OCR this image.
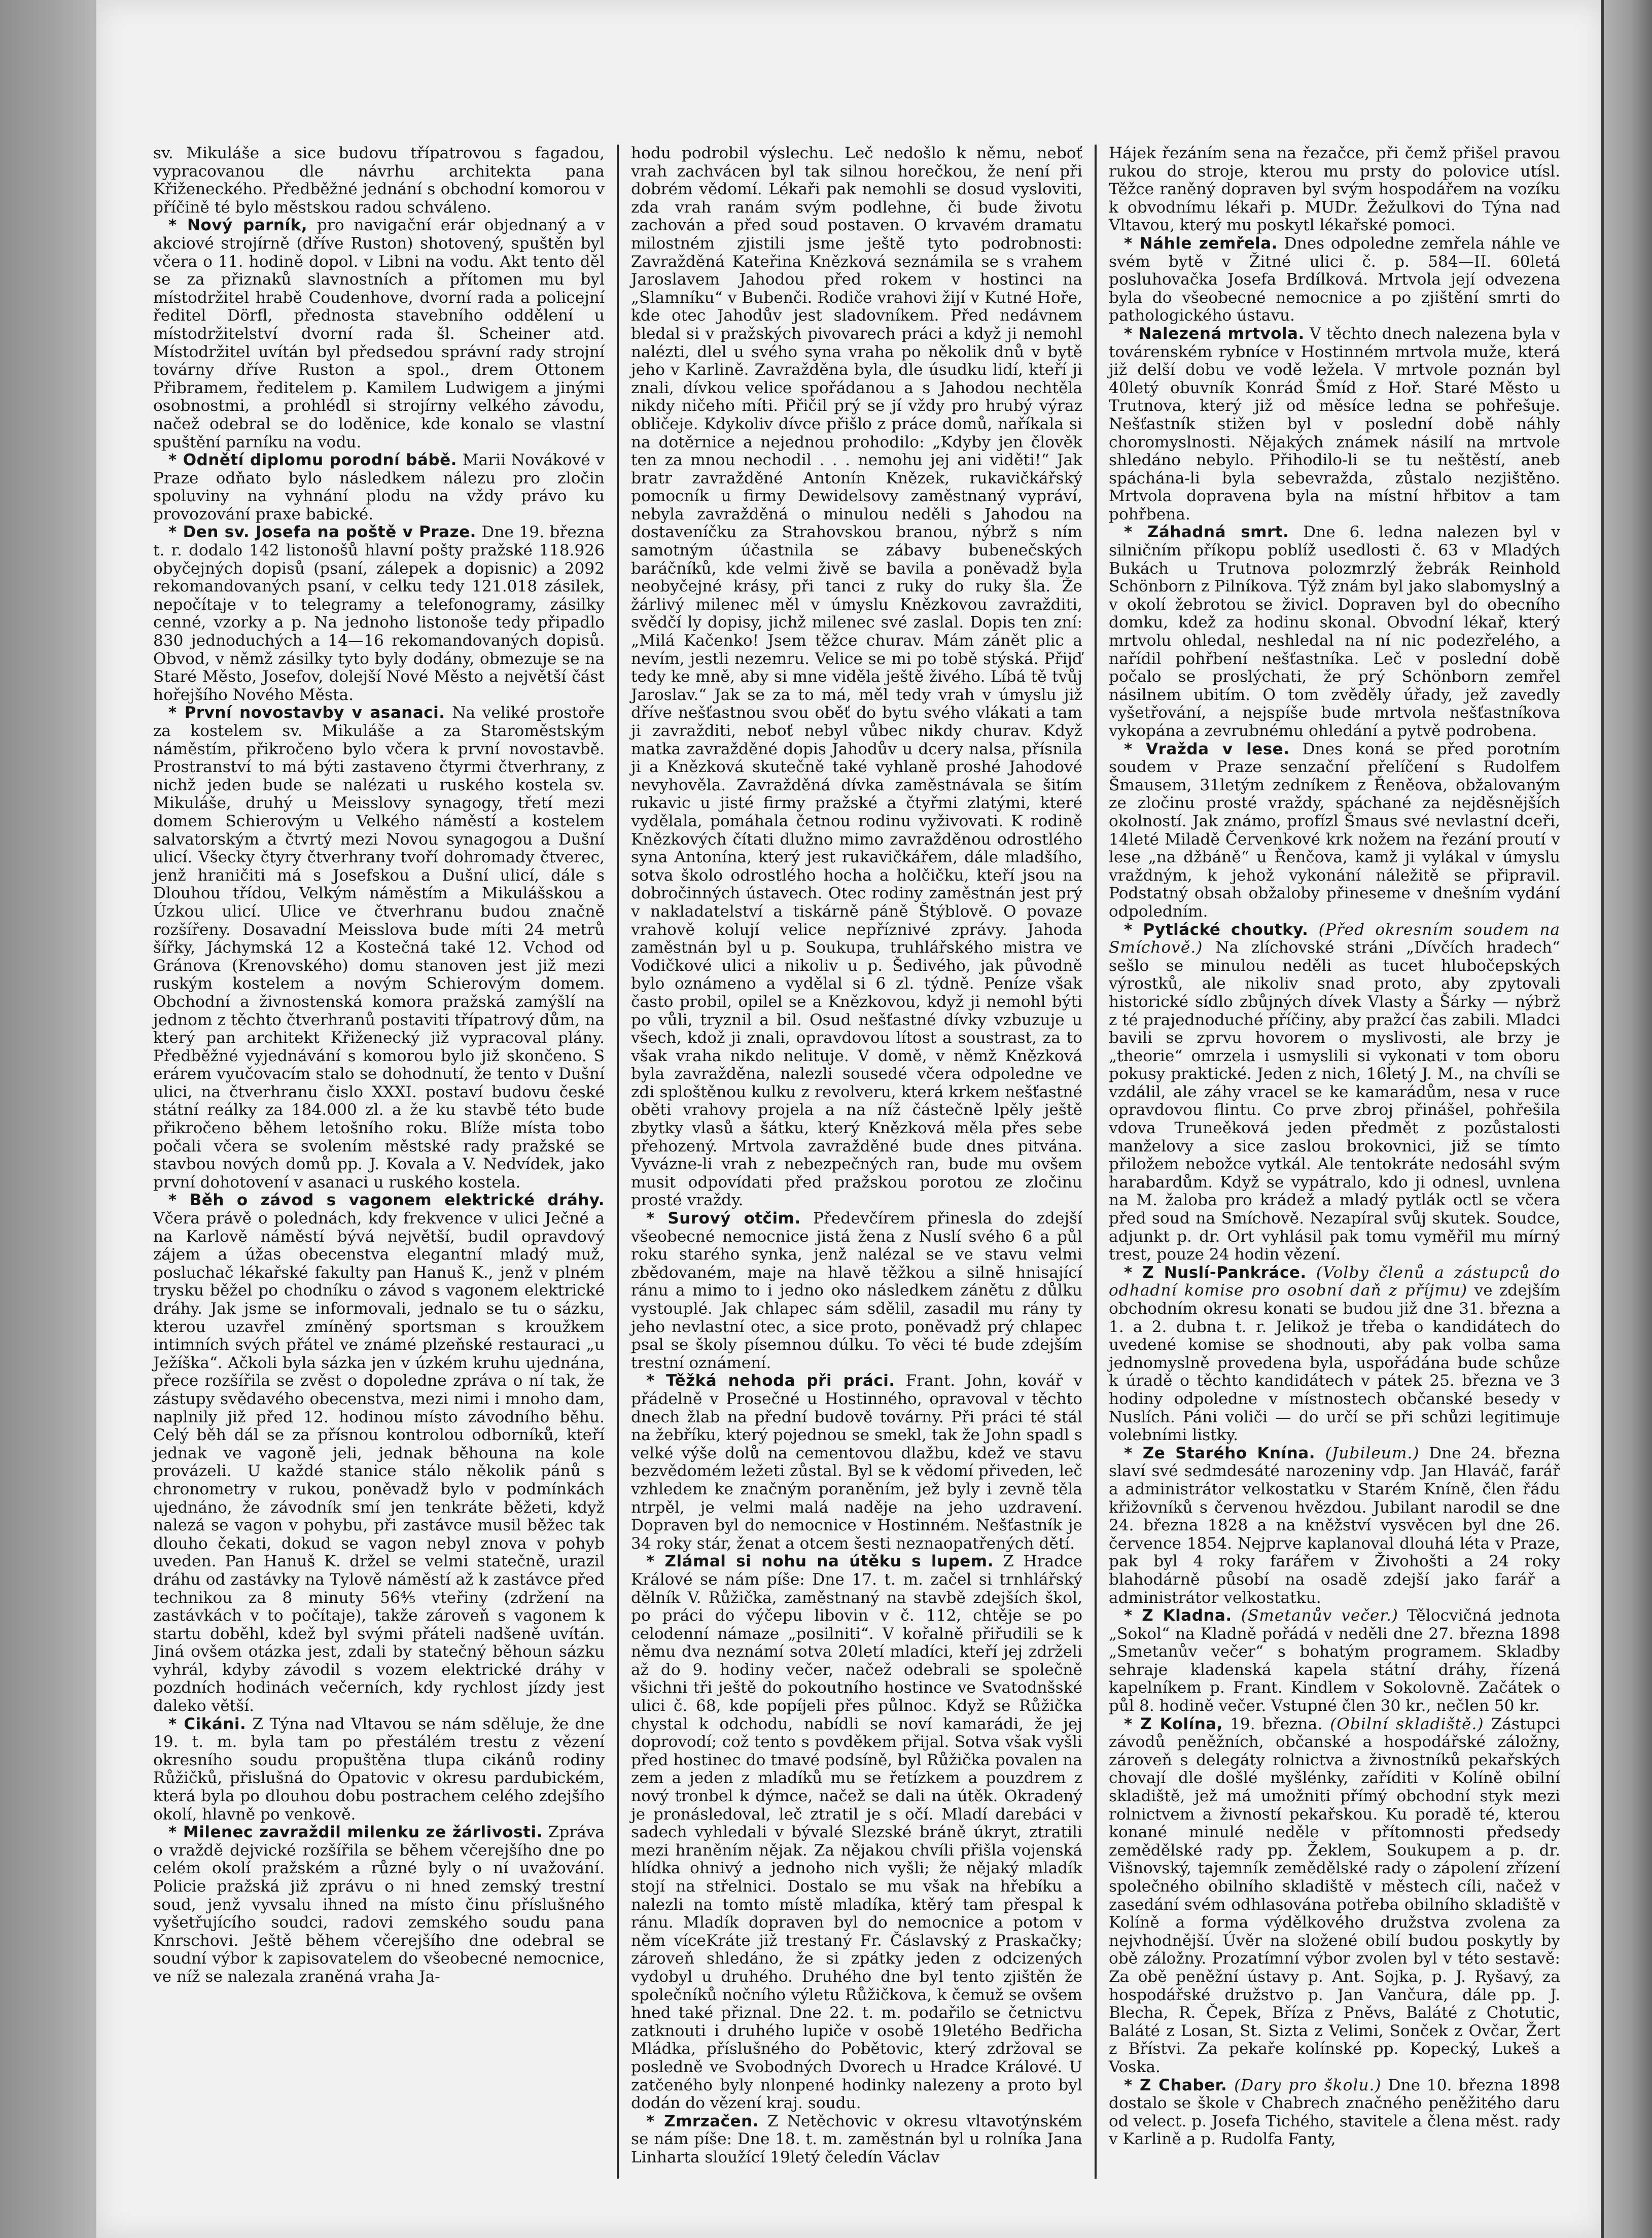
sv. Mikuláše a sice budovu třípatrovou s fagadou, vypracovanou dle návrhu architekta pana Křiženeckého. Předběžné jednání s obchodní komorou v příčině té bylo městskou radou schváleno.

* Nový parník, pro navigační erár objednaný a v akciové strojírně (dříve Ruston) shotovený, spuštěn byl včera o 11. hodině dopol. v Libni na vodu. Akt tento děl se za přiznaků slavnostních a přítomen mu byl místodržitel hrabě Coudenhove, dvorní rada a policejní ředitel Dörfl, přednosta stavebního oddělení u místodržitelství dvorní rada šl. Scheiner atd. Místodržitel uvítán byl předsedou správní rady strojní továrny dříve Ruston a spol., drem Ottonem Přibramem, ředitelem p. Kamilem Ludwigem a jinými osobnostmi, a prohlédl si strojírny velkého závodu, načež odebral se do loděnice, kde konalo se vlastní spuštění parníku na vodu.

* Odnětí diplomu porodní bábě. Marii Novákové v Praze odňato bylo následkem nálezu pro zločin spoluviny na vyhnání plodu na vždy právo ku provozování praxe babické.

* Den sv. Josefa na poště v Praze. Dne 19. března t. r. dodalo 142 listonošů hlavní pošty pražské 118.926 obyčejných dopisů (psaní, zálepek a dopisnic) a 2092 rekomandovaných psaní, v celku tedy 121.018 zásilek, nepočítaje v to telegramy a telefonogramy, zásilky cenné, vzorky a p. Na jednoho listonoše tedy připadlo 830 jednoduchých a 14—16 rekomandovaných dopisů. Obvod, v němž zásilky tyto byly dodány, obmezuje se na Staré Město, Josefov, dolejší Nové Město a největší část hořejšího Nového Města.

* První novostavby v asanaci. Na veliké prostoře za kostelem sv. Mikuláše a za Staroměstským náměstím, přikročeno bylo včera k první novostavbě. Prostranství to má býti zastaveno čtyrmi čtverhrany, z nichž jeden bude se nalézati u ruského kostela sv. Mikuláše, druhý u Meisslovy synagogy, třetí mezi domem Schierovým u Velkého náměstí a kostelem salvatorským a čtvrtý mezi Novou synagogou a Dušní ulicí. Všecky čtyry čtverhrany tvoří dohromady čtverec, jenž hraničiti má s Josefskou a Dušní ulicí, dále s Dlouhou třídou, Velkým náměstím a Mikulášskou a Úzkou ulicí. Ulice ve čtverhranu budou značně rozšířeny. Dosavadní Meisslova bude míti 24 metrů šířky, Jáchymská 12 a Kostečná také 12. Vchod od Gránova (Krenovského) domu stanoven jest již mezi ruským kostelem a novým Schierovým domem. Obchodní a živnostenská komora pražská zamýšlí na jednom z těchto čtverhranů postaviti třípatrový dům, na který pan architekt Křiženecký již vypracoval plány. Předběžné vyjednávání s komorou bylo již skončeno. S erárem vyučovacím stalo se dohodnutí, že tento v Dušní ulici, na čtverhranu čislo XXXI. postaví budovu české státní reálky za 184.000 zl. a že ku stavbě této bude přikročeno během letošního roku. Blíže místa tobo počali včera se svolením městské rady pražské se stavbou nových domů pp. J. Kovala a V. Nedvídek, jako první dohotovení v asanaci u ruského kostela.

* Běh o závod s vagonem elektrické dráhy. Včera právě o polednách, kdy frekvence v ulici Ječné a na Karlově náměstí bývá největší, budil opravdový zájem a úžas obecenstva elegantní mladý muž, posluchač lékařské fakulty pan Hanuš K., jenž v plném trysku běžel po chodníku o závod s vagonem elektrické dráhy. Jak jsme se informovali, jednalo se tu o sázku, kterou uzavřel zmíněný sportsman s kroužkem intimních svých přátel ve známé plzeňské restauraci „u Ježíška“. Ačkoli byla sázka jen v úzkém kruhu ujednána, přece rozšířila se zvěst o dopoledne zpráva o ní tak, že zástupy svědavého obecenstva, mezi nimi i mnoho dam, naplnily již před 12. hodinou místo závodního běhu. Celý běh dál se za přísnou kontrolou odborníků, kteří jednak ve vagoně jeli, jednak běhouna na kole provázeli. U každé stanice stálo několik pánů s chronometry v rukou, poněvadž bylo v podmínkách ujednáno, že závodník smí jen tenkráte běžeti, když nalezá se vagon v pohybu, při zastávce musil běžec tak dlouho čekati, dokud se vagon nebyl znova v pohyb uveden. Pan Hanuš K. držel se velmi statečně, urazil dráhu od zastávky na Tylově náměstí až k zastávce před technikou za 8 minuty 56⁴⁄₅ vteřiny (zdržení na zastávkách v to počítaje), takže zároveň s vagonem k startu doběhl, kdež byl svými přáteli nadšeně uvítán. Jiná ovšem otázka jest, zdali by statečný běhoun sázku vyhrál, kdyby závodil s vozem elektrické dráhy v pozdních hodinách večerních, kdy rychlost jízdy jest daleko větší.

* Cikáni. Z Týna nad Vltavou se nám sděluje, že dne 19. t. m. byla tam po přestálém trestu z vězení okresního soudu propuštěna tlupa cikánů rodiny Růžičků, přislušná do Opatovic v okresu pardubickém, která byla po dlouhou dobu postrachem celého zdejšího okolí, hlavně po venkově.

* Milenec zavraždil milenku ze žárlivosti. Zpráva o vraždě dejvické rozšířila se během včerejšího dne po celém okolí pražském a různé byly o ní uvažování. Policie pražská již zprávu o ni hned zemský trestní soud, jenž vyvsalu ihned na místo činu příslušného vyšetřujícího soudci, radovi zemského soudu pana Knrschovi. Ještě během včerejšího dne odebral se soudní výbor k zapisovatelem do všeobecné nemocnice, ve níž se nalezala zraněná vraha Ja-

hodu podrobil výslechu. Leč nedošlo k němu, neboť vrah zachvácen byl tak silnou horečkou, že není při dobrém vědomí. Lékaři pak nemohli se dosud vysloviti, zda vrah ranám svým podlehne, či bude životu zachován a před soud postaven. O krvavém dramatu milostném zjistili jsme ještě tyto podrobnosti: Zavražděná Kateřina Knězková seznámila se s vrahem Jaroslavem Jahodou před rokem v hostinci na „Slamníku“ v Bubenči. Rodiče vrahovi žijí v Kutné Hoře, kde otec Jahodův jest sladovníkem. Před nedávnem bledal si v pražských pivovarech práci a když ji nemohl nalézti, dlel u svého syna vraha po několik dnů v bytě jeho v Karlině. Zavražděna byla, dle úsudku lidí, kteří ji znali, dívkou velice spořádanou a s Jahodou nechtěla nikdy ničeho míti. Přičil prý se jí vždy pro hrubý výraz obličeje. Kdykoliv dívce přišlo z práce domů, naříkala si na dotěrnice a nejednou prohodilo: „Kdyby jen člověk ten za mnou nechodil . . . nemohu jej ani viděti!“ Jak bratr zavražděné Antonín Knězek, rukavičkářský pomocník u firmy Dewidelsovy zaměstnaný vypráví, nebyla zavražděná o minulou neděli s Jahodou na dostaveníčku za Strahovskou branou, nýbrž s ním samotným účastnila se zábavy bubenečských baráčníků, kde velmi živě se bavila a poněvadž byla neobyčejné krásy, při tanci z ruky do ruky šla. Že žárlivý milenec měl v úmyslu Knězkovou zavražditi, svědčí ly dopisy, jichž milenec své zaslal. Dopis ten zní: „Milá Kačenko! Jsem těžce churav. Mám zánět plic a nevím, jestli nezemru. Velice se mi po tobě stýská. Přijď tedy ke mně, aby si mne viděla ještě živého. Líbá tě tvůj Jaroslav.“ Jak se za to má, měl tedy vrah v úmyslu již dříve nešťastnou svou oběť do bytu svého vlákati a tam ji zavražditi, neboť nebyl vůbec nikdy churav. Když matka zavražděné dopis Jahodův u dcery nalsa, přísnila ji a Knězková skutečně také vyhlaně proshé Jahodové nevyhověla. Zavražděná dívka zaměstnávala se šitím rukavic u jisté firmy pražské a čtyřmi zlatými, které vydělala, pomáhala četnou rodinu vyživovati. K rodině Knězkových čítati dlužno mimo zavražděnou odrostlého syna Antonína, který jest rukavičkářem, dále mladšího, sotva školo odrostlého hocha a holčičku, kteří jsou na dobročinných ústavech. Otec rodiny zaměstnán jest prý v nakladatelství a tiskárně páně Štýblově. O povaze vrahově kolují velice nepříznivé zprávy. Jahoda zaměstnán byl u p. Soukupa, truhlářského mistra ve Vodičkové ulici a nikoliv u p. Šedivého, jak původně bylo oznámeno a vydělal si 6 zl. týdně. Peníze však často probil, opilel se a Knězkovou, když ji nemohl býti po vůli, tryznil a bil. Osud nešťastné dívky vzbuzuje u všech, kdož ji znali, opravdovou lítost a soustrast, za to však vraha nikdo nelituje. V domě, v němž Knězková byla zavražděna, nalezli sousedé včera odpoledne ve zdi sploštěnou kulku z revolveru, která krkem nešťastné oběti vrahovy projela a na níž částečně lpěly ještě zbytky vlasů a šátku, který Knězková měla přes sebe přehozený. Mrtvola zavražděné bude dnes pitvána. Vyvázne-li vrah z nebezpečných ran, bude mu ovšem musit odpovídati před pražskou porotou ze zločinu prosté vraždy.

* Surový otčim. Předevčírem přinesla do zdejší všeobecné nemocnice jistá žena z Nuslí svého 6 a půl roku starého synka, jenž nalézal se ve stavu velmi zbědovaném, maje na hlavě těžkou a silně hnisající ránu a mimo to i jedno oko následkem zánětu z důlku vystouplé. Jak chlapec sám sdělil, zasadil mu rány ty jeho nevlastní otec, a sice proto, poněvadž prý chlapec psal se školy písemnou dúlku. To věci té bude zdejším trestní oznámení.

* Těžká nehoda při práci. Frant. John, kovář v přádelně v Prosečné u Hostinného, opravoval v těchto dnech žlab na přední budově továrny. Při práci té stál na žebříku, který pojednou se smekl, tak že John spadl s velké výše dolů na cementovou dlažbu, kdež ve stavu bezvědomém ležeti zůstal. Byl se k vědomí přiveden, leč vzhledem ke značným poraněním, jež byly i zevně těla ntrpěl, je velmi malá naděje na jeho uzdravení. Dopraven byl do nemocnice v Hostinném. Nešťastník je 34 roky stár, ženat a otcem šesti neznaopatřených dětí.

* Zlámal si nohu na útěku s lupem. Z Hradce Králové se nám píše: Dne 17. t. m. začel si trnhlářský dělník V. Růžička, zaměstnaný na stavbě zdejších škol, po práci do výčepu libovin v č. 112, chtěje se po celodenní námaze „posilniti“. V kořalně přiřudili se k němu dva neznámí sotva 20letí mladíci, kteří jej zdrželi až do 9. hodiny večer, načež odebrali se společně všichni tři ještě do pokoutního hostince ve Svatodnšské ulici č. 68, kde popíjeli přes půlnoc. Když se Růžička chystal k odchodu, nabídli se noví kamarádi, že jej doprovodí; což tento s povděkem přijal. Sotva však vyšli před hostinec do tmavé podsíně, byl Růžička povalen na zem a jeden z mladíků mu se řetízkem a pouzdrem z nový tronbel k dýmce, načež se dali na útěk. Okradený je pronásledoval, leč ztratil je s očí. Mladí darebáci v sadech vyhledali v bývalé Slezské bráně úkryt, ztratili mezi hraněním nějak. Za nějakou chvíli přišla vojenská hlídka ohnivý a jednoho nich vyšli; že nějaký mladík stojí na střelnici. Dostalo se mu však na hřebíku a nalezli na tomto místě mladíka, ktěrý tam přespal k ránu. Mladík dopraven byl do nemocnice a potom v něm víceKráte již trestaný Fr. Čáslavský z Praskačky; zároveň shledáno, že si zpátky jeden z odcizených vydobyl u druhého. Druhého dne byl tento zjištěn že společníků nočního výletu Růžičkova, k čemuž se ovšem hned také přiznal. Dne 22. t. m. podařilo se četnictvu zatknouti i druhého lupiče v osobě 19letého Bedřicha Mládka, příslušného do Pobětovic, který zdržoval se posledně ve Svobodných Dvorech u Hradce Králové. U zatčeného byly nlonpené hodinky nalezeny a proto byl dodán do vězení kraj. soudu.

* Zmrzačen. Z Netěchovic v okresu vltavotýnském se nám píše: Dne 18. t. m. zaměstnán byl u rolníka Jana Linharta sloužící 19letý čeledín Václav

Hájek řezáním sena na řezačce, při čemž přišel pravou rukou do stroje, kterou mu prsty do polovice utísl. Těžce raněný dopraven byl svým hospodářem na vozíku k obvodnímu lékaři p. MUDr. Žežulkovi do Týna nad Vltavou, který mu poskytl lékařské pomoci.

* Náhle zemřela. Dnes odpoledne zemřela náhle ve svém bytě v Žitné ulici č. p. 584—II. 60letá posluhovačka Josefa Brdílková. Mrtvola její odvezena byla do všeobecné nemocnice a po zjištění smrti do pathologického ústavu.

* Nalezená mrtvola. V těchto dnech nalezena byla v továrenském rybníce v Hostinném mrtvola muže, která již delší dobu ve vodě ležela. V mrtvole poznán byl 40letý obuvník Konrád Šmíd z Hoř. Staré Město u Trutnova, který již od měsíce ledna se pohřešuje. Nešťastník stižen byl v poslední době náhly choromyslnosti. Nějakých známek násilí na mrtvole shledáno nebylo. Přihodilo-li se tu neštěstí, aneb spáchána-li byla sebevražda, zůstalo nezjištěno. Mrtvola dopravena byla na místní hřbitov a tam pohřbena.

* Záhadná smrt. Dne 6. ledna nalezen byl v silničním příkopu poblíž usedlosti č. 63 v Mladých Bukách u Trutnova polozmrzlý žebrák Reinhold Schönborn z Pilníkova. Týž znám byl jako slabomyslný a v okolí žebrotou se živicl. Dopraven byl do obecního domku, kdež za hodinu skonal. Obvodní lékař, který mrtvolu ohledal, neshledal na ní nic podezřelého, a nařídil pohřbení nešťastníka. Leč v poslední době počalo se proslýchati, že prý Schönborn zemřel násilnem ubitím. O tom zvěděly úřady, jež zavedly vyšetřování, a nejspíše bude mrtvola nešťastníkova vykopána a zevrubnému ohledání a pytvě podrobena.

* Vražda v lese. Dnes koná se před porotním soudem v Praze senzační přelíčení s Rudolfem Šmausem, 31letým zedníkem z Řeněova, obžalovaným ze zločinu prosté vraždy, spáchané za nejděsnějších okolností. Jak známo, profízl Šmaus své nevlastní dceři, 14leté Miladě Červenkové krk nožem na řezání proutí v lese „na džbáně“ u Řenčova, kamž ji vylákal v úmyslu vraždným, k jehož vykonání náležitě se připravil. Podstatný obsah obžaloby přineseme v dnešním vydání odpoledním.

* Pytlácké choutky. (Před okresním soudem na Smíchově.) Na zlíchovské stráni „Dívčích hradech“ sešlo se minulou neděli as tucet hlubočepských výrostků, ale nikoliv snad proto, aby zpytovali historické sídlo zbůjných dívek Vlasty a Šárky — nýbrž z té prajednoduché příčiny, aby pražcí čas zabili. Mladci bavili se zprvu hovorem o myslivosti, ale brzy je „theorie“ omrzela i usmyslili si vykonati v tom oboru pokusy praktické. Jeden z nich, 16letý J. M., na chvíli se vzdálil, ale záhy vracel se ke kamarádům, nesa v ruce opravdovou flintu. Co prve zbroj přinášel, pohřešila vdova Truneěková jeden předmět z pozůstalosti manželovy a sice zaslou brokovnici, již se tímto přiložem nebožce vytkál. Ale tentokráte nedosáhl svým harabardům. Když se vypátralo, kdo ji odnesl, uvnlena na M. žaloba pro krádež a mladý pytlák octl se včera před soud na Smíchově. Nezapíral svůj skutek. Soudce, adjunkt p. dr. Ort vyhlásil pak tomu vyměřil mu mírný trest, pouze 24 hodin vězení.

* Z Nuslí-Pankráce. (Volby členů a zástupců do odhadní komise pro osobní daň z příjmu) ve zdejším obchodním okresu konati se budou již dne 31. března a 1. a 2. dubna t. r. Jelikož je třeba o kandidátech do uvedené komise se shodnouti, aby pak volba sama jednomyslně provedena byla, uspořádána bude schůze k úradě o těchto kandidátech v pátek 25. března ve 3 hodiny odpoledne v místnostech občanské besedy v Nuslích. Páni voliči — do určí se při schůzi legitimuje volebními listky.

* Ze Starého Knína. (Jubileum.) Dne 24. března slaví své sedmdesáté narozeniny vdp. Jan Hlaváč, farář a administrátor velkostatku v Starém Kníně, člen řádu křižovníků s červenou hvězdou. Jubilant narodil se dne 24. března 1828 a na kněžství vysvěcen byl dne 26. července 1854. Nejprve kaplanoval dlouhá léta v Praze, pak byl 4 roky farářem v Živohošti a 24 roky blahodárně působí na osadě zdejší jako farář a administrátor velkostatku.

* Z Kladna. (Smetanův večer.) Tělocvičná jednota „Sokol“ na Kladně pořádá v neděli dne 27. března 1898 „Smetanův večer“ s bohatým programem. Skladby sehraje kladenská kapela státní dráhy, řízená kapelníkem p. Frant. Kindlem v Sokolovně. Začátek o půl 8. hodině večer. Vstupné člen 30 kr., nečlen 50 kr.

* Z Kolína, 19. března. (Obilní skladiště.) Zástupci závodů peněžních, občanské a hospodářské záložny, zároveň s delegáty rolnictva a živnostníků pekařských chovají dle došlé myšlénky, zaříditi v Kolíně obilní skladiště, jež má umožniti přímý obchodní styk mezi rolnictvem a živností pekařskou. Ku poradě té, kterou konané minulé neděle v přítomnosti předsedy zemědělské rady pp. Žeklem, Soukupem a p. dr. Višnovský, tajemník zemědělské rady o zápolení zřízení společného obilního skladiště v městech cíli, načež v zasedání svém odhlasována potřeba obilního skladiště v Kolíně a forma výdělkového družstva zvolena za nejvhodnější. Úvěr na složené obilí budou poskytly by obě záložny. Prozatímní výbor zvolen byl v této sestavě: Za obě peněžní ústavy p. Ant. Sojka, p. J. Ryšavý, za hospodářské družstvo p. Jan Vančura, dále pp. J. Blecha, R. Čepek, Bříza z Pněvs, Baláté z Chotutic, Baláté z Losan, St. Sizta z Velimi, Sonček z Ovčar, Žert z Břístvi. Za pekaře kolínské pp. Kopecký, Lukeš a Voska.

* Z Chaber. (Dary pro školu.) Dne 10. března 1898 dostalo se škole v Chabrech značného peněžitého daru od velect. p. Josefa Tichého, stavitele a člena měst. rady v Karlině a p. Rudolfa Fanty,
